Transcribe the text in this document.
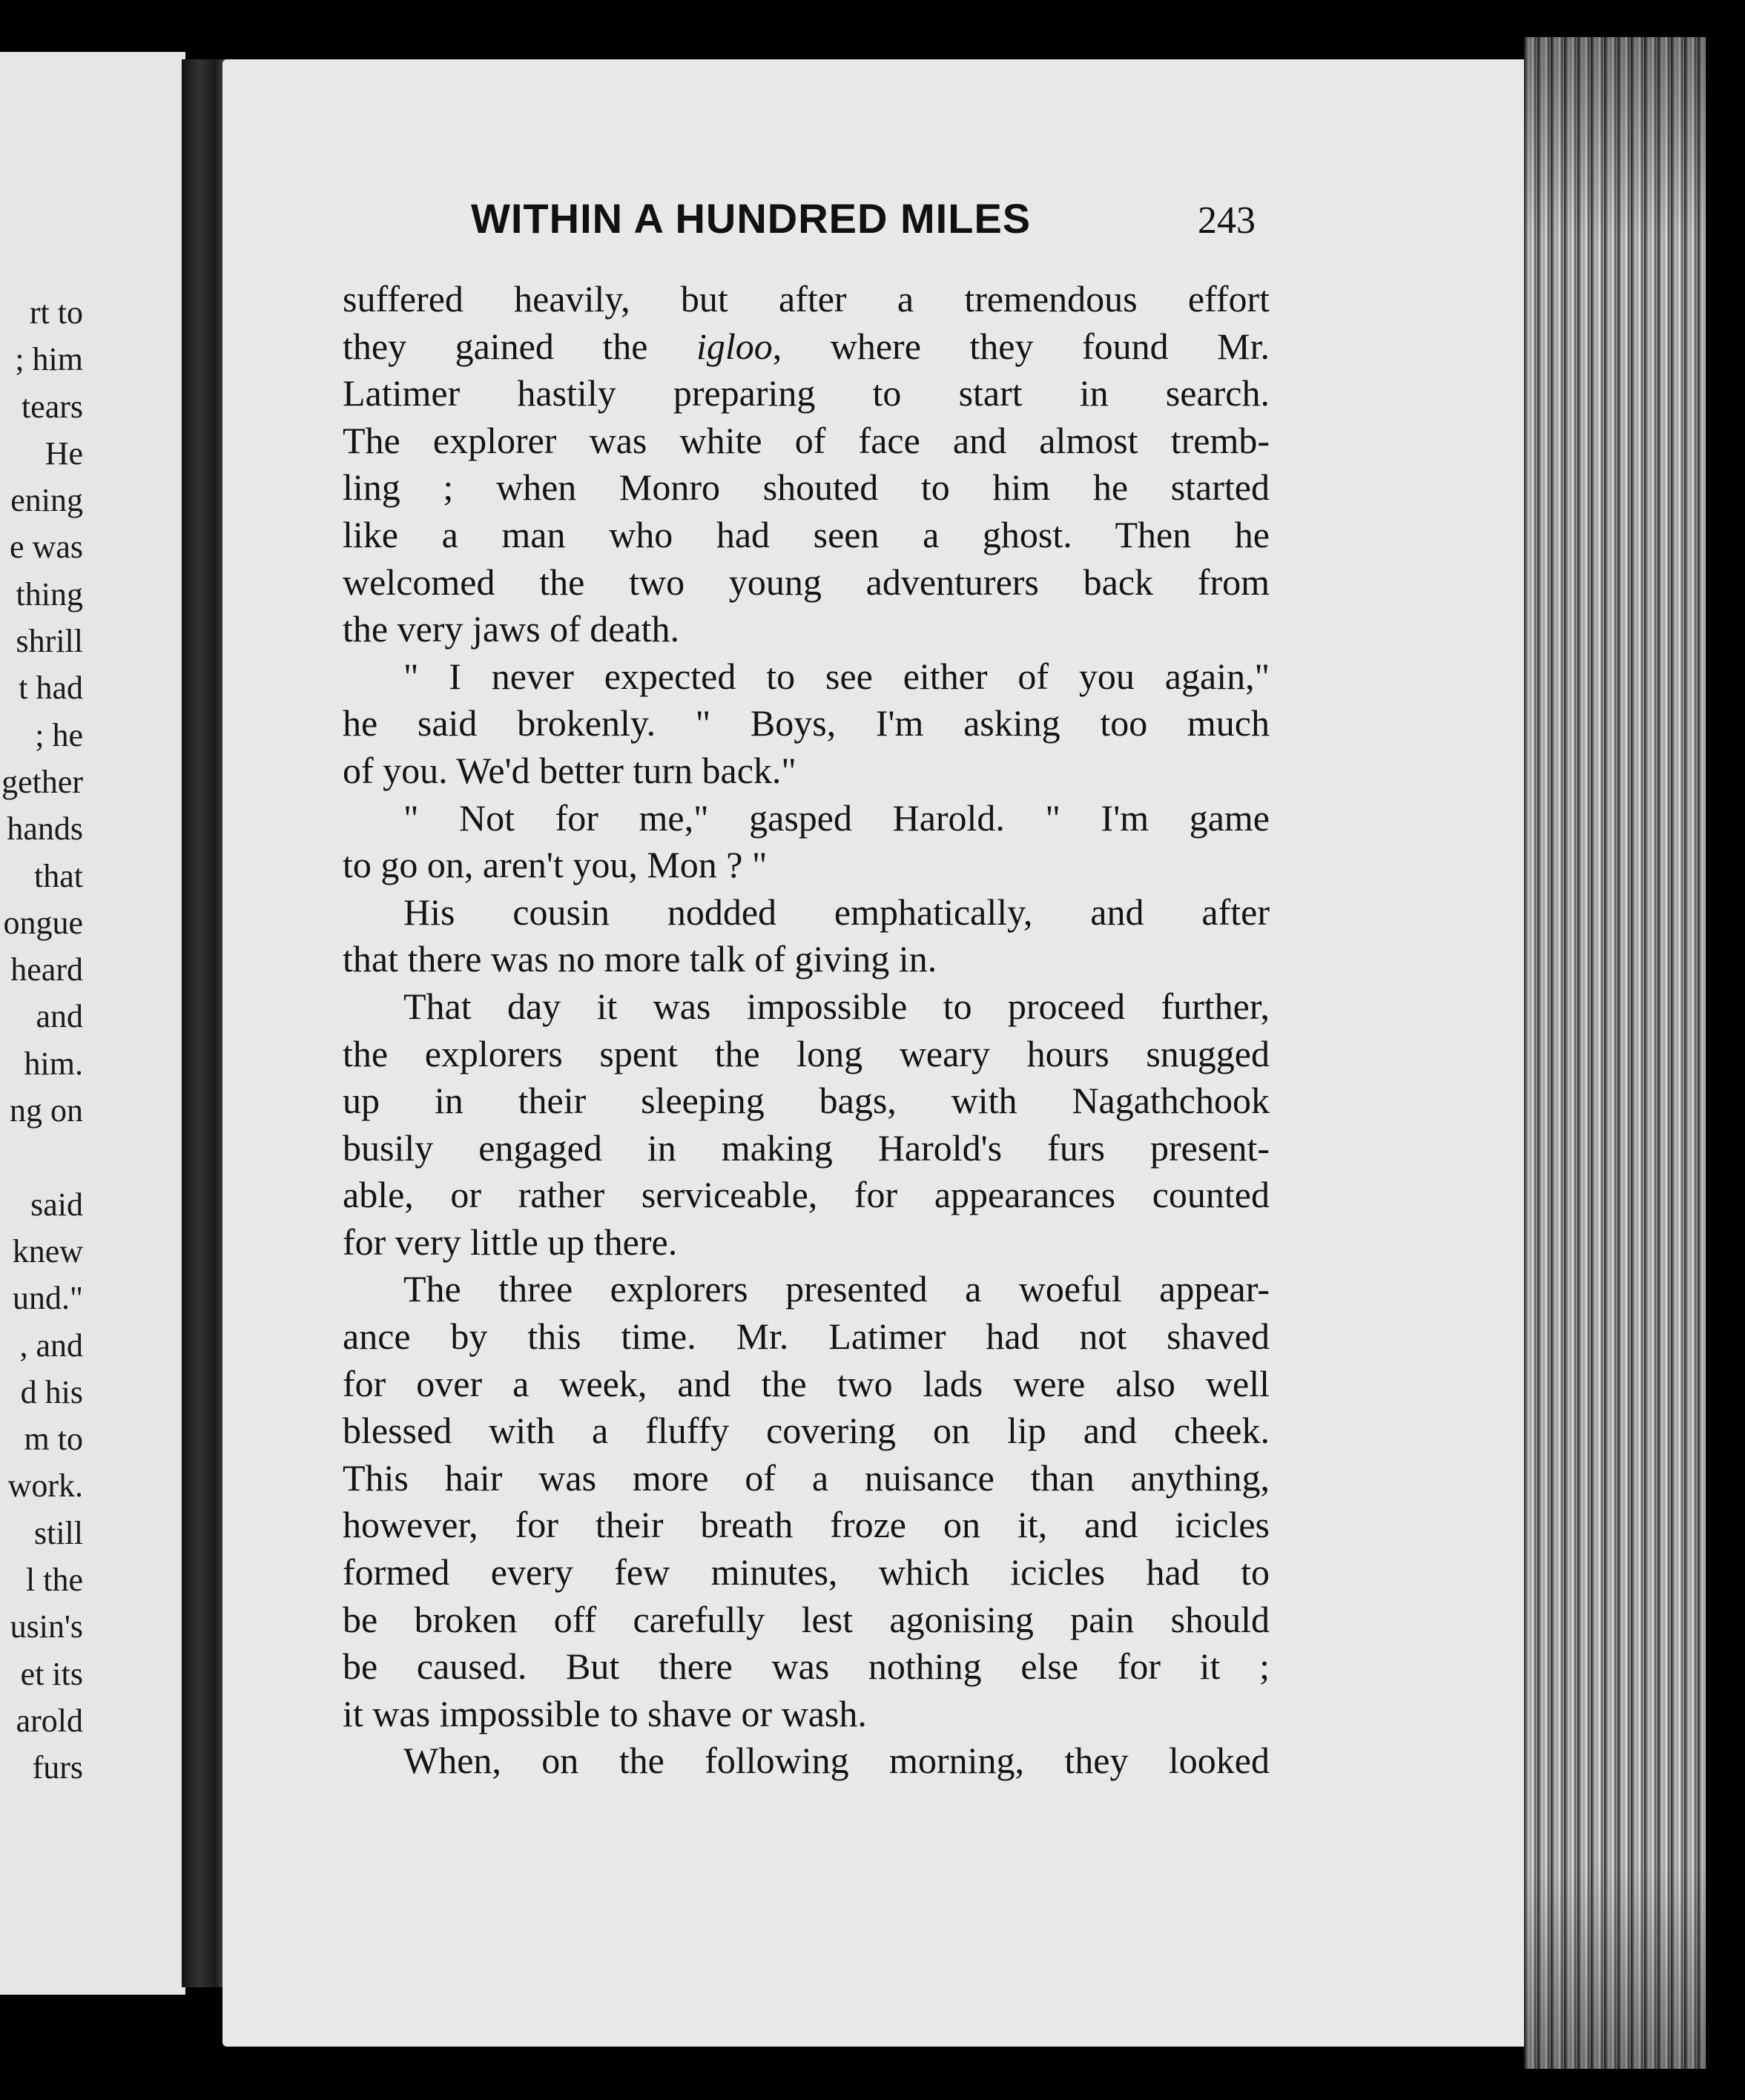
rt to
; him
tears
He
ening
e was
thing
shrill
t had
; he
gether
hands
that
ongue
heard
and
him.
ng on
said
knew
und."
, and
d his
m to
work.
still
l the
usin's
et its
arold
furs
WITHIN A HUNDRED MILES	243
suffered heavily, but after a tremendous effort
they gained the igloo, where they found Mr.
Latimer hastily preparing to start in search.
The explorer was white of face and almost tremb-
ling ; when Monro shouted to him he started
like a man who had seen a ghost. Then he
welcomed the two young adventurers back from
the very jaws of death.
" I never expected to see either of you again,"
he said brokenly. " Boys, I'm asking too much
of you. We'd better turn back."
" Not for me," gasped Harold. " I'm game
to go on, aren't you, Mon ? "
His cousin nodded emphatically, and after
that there was no more talk of giving in.
That day it was impossible to proceed further,
the explorers spent the long weary hours snugged
up in their sleeping bags, with Nagathchook
busily engaged in making Harold's furs present-
able, or rather serviceable, for appearances counted
for very little up there.
The three explorers presented a woeful appear-
ance by this time. Mr. Latimer had not shaved
for over a week, and the two lads were also well
blessed with a fluffy covering on lip and cheek.
This hair was more of a nuisance than anything,
however, for their breath froze on it, and icicles
formed every few minutes, which icicles had to
be broken off carefully lest agonising pain should
be caused. But there was nothing else for it ;
it was impossible to shave or wash.
When, on the following morning, they looked
